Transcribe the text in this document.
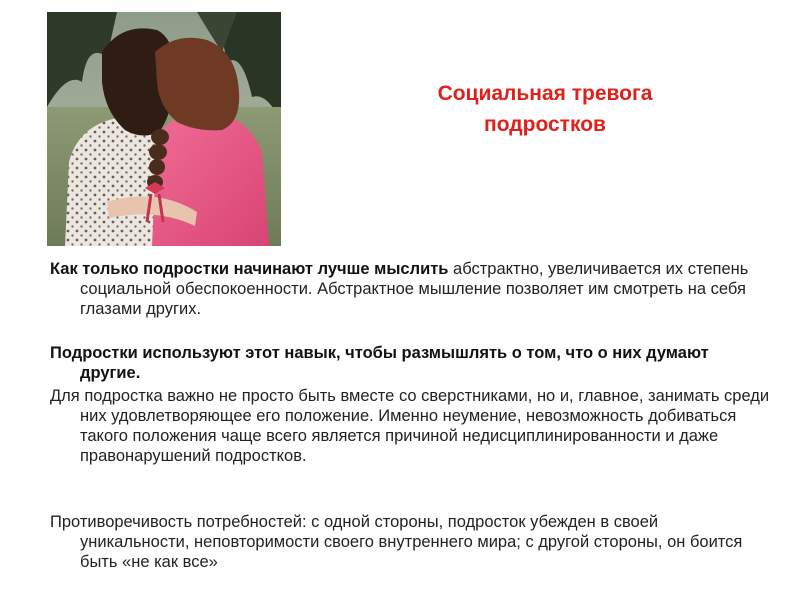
Социальная тревога
подростков

Как только подростки начинают лучше мыслить абстрактно, увеличивается их степень социальной обеспокоенности. Абстрактное мышление позволяет им смотреть на себя глазами других.

Подростки используют этот навык, чтобы размышлять о том, что о них думают другие.

Для подростка важно не просто быть вместе со сверстниками, но и, главное, занимать среди них удовлетворяющее его положение. Именно неумение, невозможность добиваться такого положения чаще всего является причиной недисциплинированности и даже правонарушений подростков.

Противоречивость потребностей: с одной стороны, подросток убежден в своей уникальности, неповторимости своего внутреннего мира; с другой стороны, он боится быть «не как все»
